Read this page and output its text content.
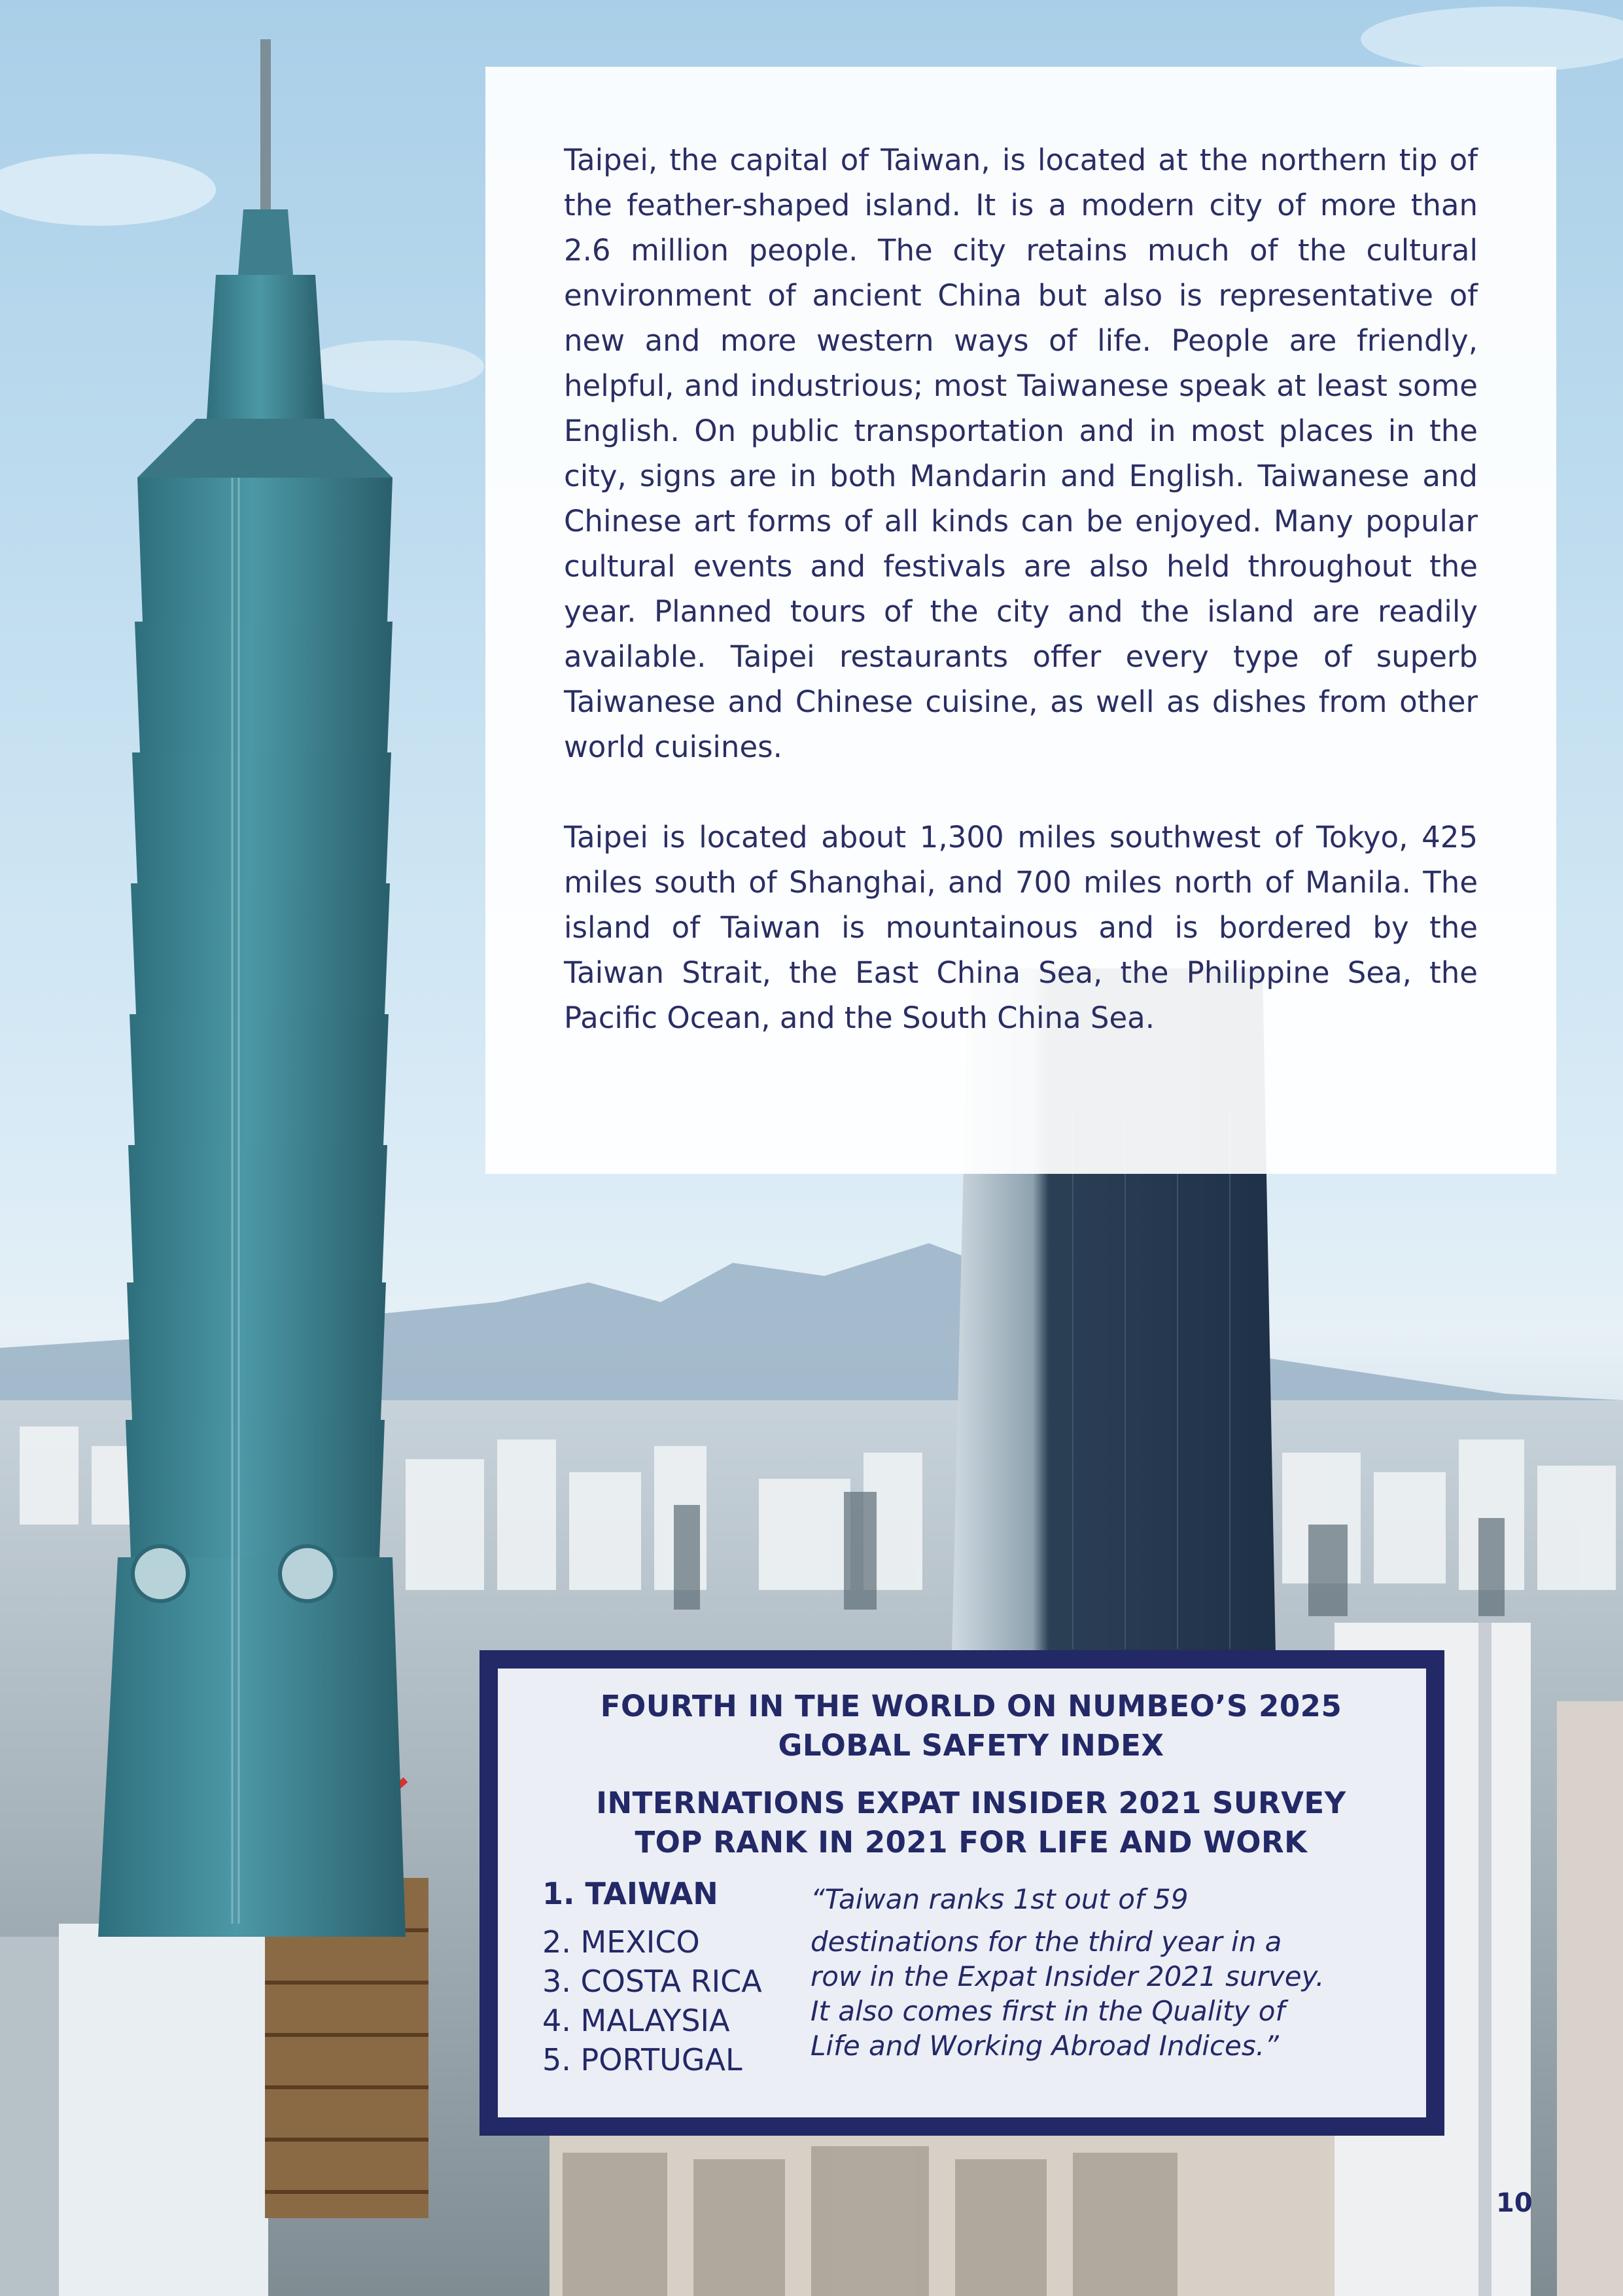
Taipei, the capital of Taiwan, is located at the northern tip of the feather-shaped island. It is a modern city of more than 2.6 million people. The city retains much of the cultural environment of ancient China but also is representative of new and more western ways of life. People are friendly, helpful, and industrious; most Taiwanese speak at least some English. On public transportation and in most places in the city, signs are in both Mandarin and English. Taiwanese and Chinese art forms of all kinds can be enjoyed. Many popular cultural events and festivals are also held throughout the year. Planned tours of the city and the island are readily available. Taipei restaurants offer every type of superb Taiwanese and Chinese cuisine, as well as dishes from other world cuisines.

Taipei is located about 1,300 miles southwest of Tokyo, 425 miles south of Shanghai, and 700 miles north of Manila. The island of Taiwan is mountainous and is bordered by the Taiwan Strait, the East China Sea, the Philippine Sea, the Pacific Ocean, and the South China Sea.

FOURTH IN THE WORLD ON NUMBEO’S 2025
GLOBAL SAFETY INDEX
INTERNATIONS EXPAT INSIDER 2021 SURVEY
TOP RANK IN 2021 FOR LIFE AND WORK
1. TAIWAN
2. MEXICO
3. COSTA RICA
4. MALAYSIA
5. PORTUGAL
“Taiwan ranks 1st out of 59
destinations for the third year in a
row in the Expat Insider 2021 survey.
It also comes first in the Quality of
Life and Working Abroad Indices.”
10
